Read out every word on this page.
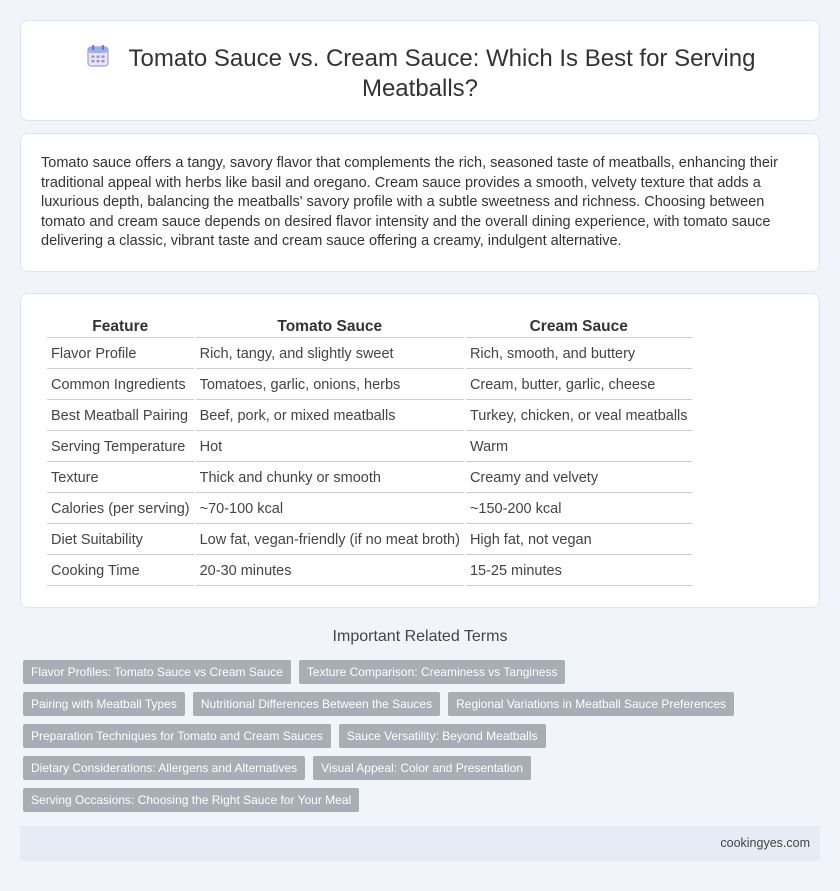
Tomato Sauce vs. Cream Sauce: Which Is Best for Serving Meatballs?

Tomato sauce offers a tangy, savory flavor that complements the rich, seasoned taste of meatballs, enhancing their traditional appeal with herbs like basil and oregano. Cream sauce provides a smooth, velvety texture that adds a luxurious depth, balancing the meatballs' savory profile with a subtle sweetness and richness. Choosing between tomato and cream sauce depends on desired flavor intensity and the overall dining experience, with tomato sauce delivering a classic, vibrant taste and cream sauce offering a creamy, indulgent alternative.

Feature	Tomato Sauce	Cream Sauce
Flavor Profile	Rich, tangy, and slightly sweet	Rich, smooth, and buttery
Common Ingredients	Tomatoes, garlic, onions, herbs	Cream, butter, garlic, cheese
Best Meatball Pairing	Beef, pork, or mixed meatballs	Turkey, chicken, or veal meatballs
Serving Temperature	Hot	Warm
Texture	Thick and chunky or smooth	Creamy and velvety
Calories (per serving)	~70-100 kcal	~150-200 kcal
Diet Suitability	Low fat, vegan-friendly (if no meat broth)	High fat, not vegan
Cooking Time	20-30 minutes	15-25 minutes
Important Related Terms
Flavor Profiles: Tomato Sauce vs Cream Sauce	Texture Comparison: Creaminess vs Tanginess
Pairing with Meatball Types	Nutritional Differences Between the Sauces	Regional Variations in Meatball Sauce Preferences
Preparation Techniques for Tomato and Cream Sauces	Sauce Versatility: Beyond Meatballs
Dietary Considerations: Allergens and Alternatives	Visual Appeal: Color and Presentation
Serving Occasions: Choosing the Right Sauce for Your Meal
cookingyes.com
